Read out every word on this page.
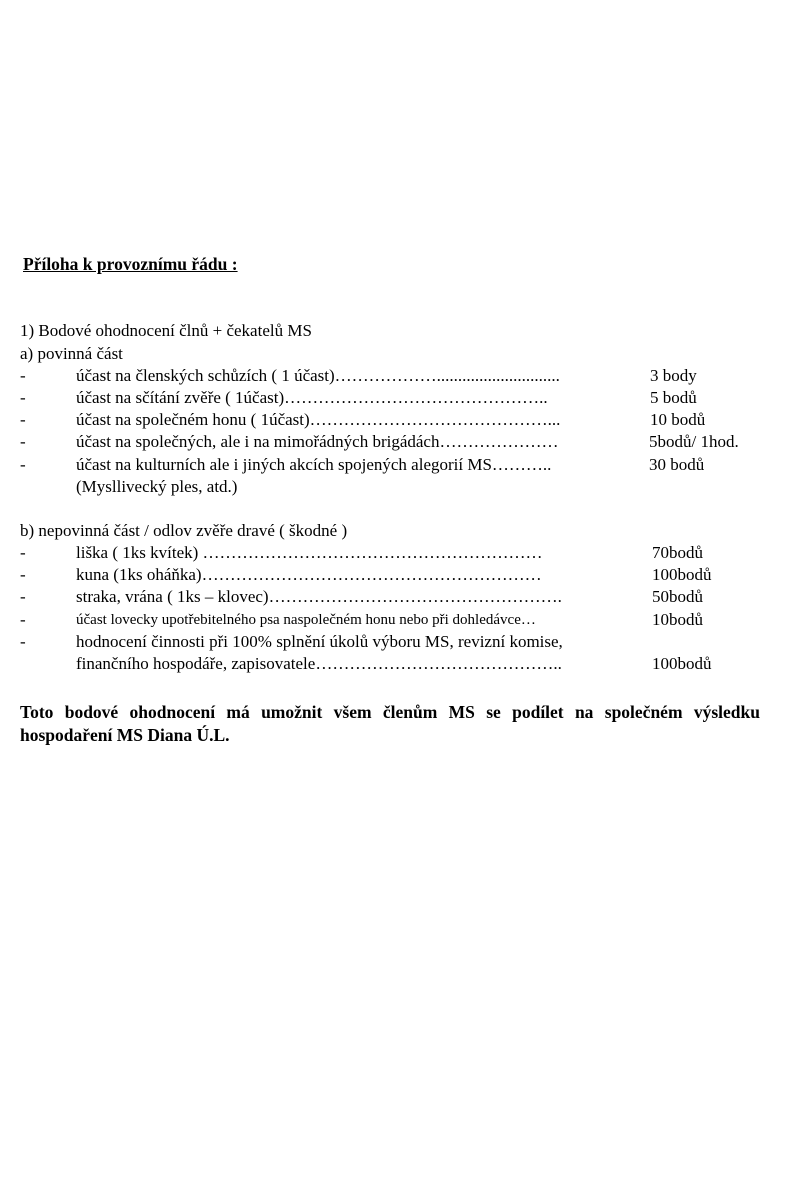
Příloha k provoznímu řádu :
1) Bodové ohodnocení člnů + čekatelů MS
a) povinná část
-	účast na členských schůzích ( 1 účast)……………….............................	3 body
-	účast na sčítání zvěře ( 1účast)………………………………………..	5 bodů
-	účast na společném honu ( 1účast)……………………………………...	10 bodů
-	účast na společných, ale i na mimořádných brigádách…………………	5bodů/ 1hod.
-	účast na kulturních ale i jiných akcích spojených alegorií MS………..	30 bodů
(Mysllivecký ples, atd.)
b) nepovinná část / odlov zvěře dravé ( škodné )
-	liška ( 1ks kvítek) ……………………………………………………	70bodů
-	kuna (1ks oháňka)……………………………………………………	100bodů
-	straka, vrána ( 1ks – klovec)…………………………………………….	50bodů
-	účast lovecky upotřebitelného psa naspolečném honu nebo při dohledávce…	10bodů
-	hodnocení činnosti při 100% splnění úkolů výboru MS, revizní komise,
finančního hospodáře, zapisovatele……………………………………..	100bodů
Toto bodové ohodnocení má umožnit všem členům MS se podílet na společném výsledku hospodaření MS Diana Ú.L.
